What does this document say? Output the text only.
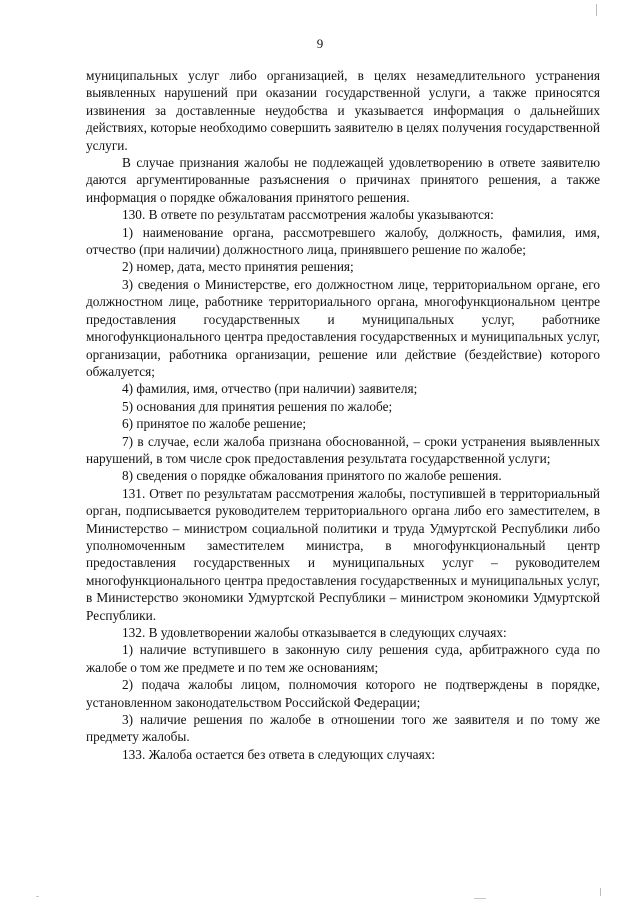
9

муниципальных услуг либо организацией, в целях незамедлительного устранения выявленных нарушений при оказании государственной услуги, а также приносятся извинения за доставленные неудобства и указывается информация о дальнейших действиях, которые необходимо совершить заявителю в целях получения государственной услуги.

В случае признания жалобы не подлежащей удовлетворению в ответе заявителю даются аргументированные разъяснения о причинах принятого решения, а также информация о порядке обжалования принятого решения.

130. В ответе по результатам рассмотрения жалобы указываются:

1) наименование органа, рассмотревшего жалобу, должность, фамилия, имя, отчество (при наличии) должностного лица, принявшего решение по жалобе;

2) номер, дата, место принятия решения;

3) сведения о Министерстве, его должностном лице, территориальном органе, его должностном лице, работнике территориального органа, многофункциональном центре предоставления государственных и муниципальных услуг, работнике многофункционального центра предоставления государственных и муниципальных услуг, организации, работника организации, решение или действие (бездействие) которого обжалуется;

4) фамилия, имя, отчество (при наличии) заявителя;

5) основания для принятия решения по жалобе;

6) принятое по жалобе решение;

7) в случае, если жалоба признана обоснованной, – сроки устранения выявленных нарушений, в том числе срок предоставления результата государственной услуги;

8) сведения о порядке обжалования принятого по жалобе решения.

131. Ответ по результатам рассмотрения жалобы, поступившей в территориальный орган, подписывается руководителем территориального органа либо его заместителем, в Министерство – министром социальной политики и труда Удмуртской Республики либо уполномоченным заместителем министра, в многофункциональный центр предоставления государственных и муниципальных услуг – руководителем многофункционального центра предоставления государственных и муниципальных услуг, в Министерство экономики Удмуртской Республики – министром экономики Удмуртской Республики.

132. В удовлетворении жалобы отказывается в следующих случаях:

1) наличие вступившего в законную силу решения суда, арбитражного суда по жалобе о том же предмете и по тем же основаниям;

2) подача жалобы лицом, полномочия которого не подтверждены в порядке, установленном законодательством Российской Федерации;

3) наличие решения по жалобе в отношении того же заявителя и по тому же предмету жалобы.

133. Жалоба остается без ответа в следующих случаях:
